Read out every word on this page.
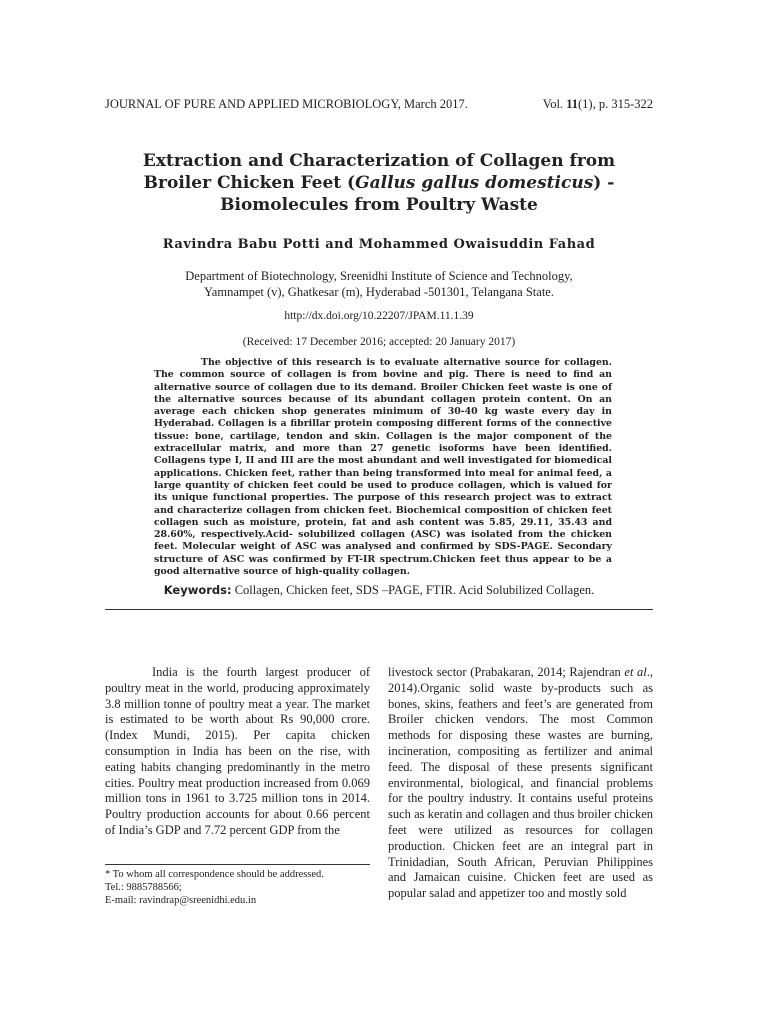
JOURNAL OF PURE AND APPLIED MICROBIOLOGY, March 2017.	Vol. 11(1), p. 315-322
Extraction and Characterization of Collagen from
Broiler Chicken Feet (Gallus gallus domesticus) -
Biomolecules from Poultry Waste
Ravindra Babu Potti and Mohammed Owaisuddin Fahad
Department of Biotechnology, Sreenidhi Institute of Science and Technology,
Yamnampet (v), Ghatkesar (m), Hyderabad -501301, Telangana State.
http://dx.doi.org/10.22207/JPAM.11.1.39
(Received: 17 December 2016; accepted: 20 January 2017)
The objective of this research is to evaluate alternative source for collagen. The common source of collagen is from bovine and pig. There is need to find an alternative source of collagen due to its demand. Broiler Chicken feet waste is one of the alternative sources because of its abundant collagen protein content. On an average each chicken shop generates minimum of 30-40 kg waste every day in Hyderabad. Collagen is a fibrillar protein composing different forms of the connective tissue: bone, cartilage, tendon and skin. Collagen is the major component of the extracellular matrix, and more than 27 genetic isoforms have been identified. Collagens type I, II and III are the most abundant and well investigated for biomedical applications. Chicken feet, rather than being transformed into meal for animal feed, a large quantity of chicken feet could be used to produce collagen, which is valued for its unique functional properties. The purpose of this research project was to extract and characterize collagen from chicken feet. Biochemical composition of chicken feet collagen such as moisture, protein, fat and ash content was 5.85, 29.11, 35.43 and 28.60%, respectively.Acid- solubilized collagen (ASC) was isolated from the chicken feet. Molecular weight of ASC was analysed and confirmed by SDS-PAGE. Secondary structure of ASC was confirmed by FT-IR spectrum.Chicken feet thus appear to be a good alternative source of high-quality collagen.
Keywords: Collagen, Chicken feet, SDS –PAGE, FTIR. Acid Solubilized Collagen.
India is the fourth largest producer of poultry meat in the world, producing approximately 3.8 million tonne of poultry meat a year. The market is estimated to be worth about Rs 90,000 crore. (Index Mundi, 2015). Per capita chicken consumption in India has been on the rise, with eating habits changing predominantly in the metro cities. Poultry meat production increased from 0.069 million tons in 1961 to 3.725 million tons in 2014. Poultry production accounts for about 0.66 percent of India’s GDP and 7.72 percent GDP from the
livestock sector (Prabakaran, 2014; Rajendran et al., 2014).Organic solid waste by-products such as bones, skins, feathers and feet’s are generated from Broiler chicken vendors. The most Common methods for disposing these wastes are burning, incineration, compositing as fertilizer and animal feed. The disposal of these presents significant environmental, biological, and financial problems for the poultry industry. It contains useful proteins such as keratin and collagen and thus broiler chicken feet were utilized as resources for collagen production. Chicken feet are an integral part in Trinidadian, South African, Peruvian Philippines and Jamaican cuisine. Chicken feet are used as popular salad and appetizer too and mostly sold
* To whom all correspondence should be addressed.
Tel.: 9885788566;
E-mail: ravindrap@sreenidhi.edu.in
